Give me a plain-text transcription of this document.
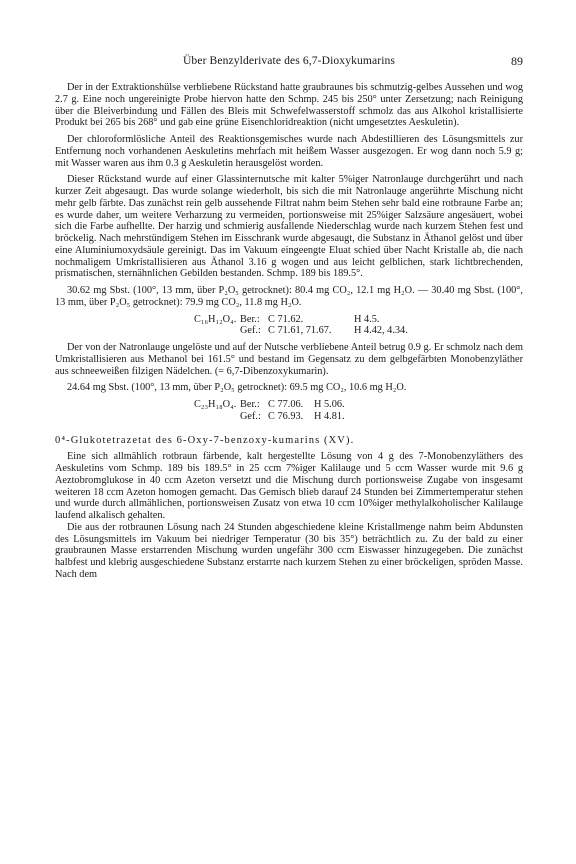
Über Benzylderivate des 6,7-Dioxykumarins	89

Der in der Extraktionshülse verbliebene Rückstand hatte graubraunes bis schmutzig-gelbes Aussehen und wog 2.7 g. Eine noch ungereinigte Probe hiervon hatte den Schmp. 245 bis 250° unter Zersetzung; nach Reinigung über die Bleiverbindung und Fällen des Bleis mit Schwefelwasserstoff schmolz das aus Alkohol kristallisierte Produkt bei 265 bis 268° und gab eine grüne Eisenchloridreaktion (nicht umgesetztes Aeskuletin).

Der chloroformlösliche Anteil des Reaktionsgemisches wurde nach Abdestillieren des Lösungsmittels zur Entfernung noch vorhandenen Aeskuletins mehrfach mit heißem Wasser ausgezogen. Er wog dann noch 5.9 g; mit Wasser waren aus ihm 0.3 g Aeskuletin herausgelöst worden.

Dieser Rückstand wurde auf einer Glassinternutsche mit kalter 5%iger Natronlauge durchgerührt und nach kurzer Zeit abgesaugt. Das wurde solange wiederholt, bis sich die mit Natronlauge angerührte Mischung nicht mehr gelb färbte. Das zunächst rein gelb aussehende Filtrat nahm beim Stehen sehr bald eine rotbraune Farbe an; es wurde daher, um weitere Verharzung zu vermeiden, portionsweise mit 25%iger Salzsäure angesäuert, wobei sich die Farbe aufhellte. Der harzig und schmierig ausfallende Niederschlag wurde nach kurzem Stehen fest und bröckelig. Nach mehrstündigem Stehen im Eisschrank wurde abgesaugt, die Substanz in Äthanol gelöst und über eine Aluminiumoxydsäule gereinigt. Das im Vakuum eingeengte Eluat schied über Nacht Kristalle ab, die nach nochmaligem Umkristallisieren aus Äthanol 3.16 g wogen und aus leicht gelblichen, stark lichtbrechenden, prismatischen, sternähnlichen Gebilden bestanden. Schmp. 189 bis 189.5°.

30.62 mg Sbst. (100°, 13 mm, über P₂O₅ getrocknet): 80.4 mg CO₂, 12.1 mg H₂O. — 30.40 mg Sbst. (100°, 13 mm, über P₂O₅ getrocknet): 79.9 mg CO₂, 11.8 mg H₂O.

C₁₆H₁₂O₄. Ber.: C 71.62.	H 4.5.
Gef.: C 71.61, 71.67.	H 4.42, 4.34.

Der von der Natronlauge ungelöste und auf der Nutsche verbliebene Anteil betrug 0.9 g. Er schmolz nach dem Umkristallisieren aus Methanol bei 161.5° und bestand im Gegensatz zu dem gelbgefärbten Monobenzyläther aus schneeweißen filzigen Nädelchen. (= 6,7-Dibenzoxykumarin).

24.64 mg Sbst. (100°, 13 mm, über P₂O₅ getrocknet): 69.5 mg CO₂, 10.6 mg H₂O.

C₂₃H₁₈O₄. Ber.: C 77.06.	H 5.06.
Gef.: C 76.93.	H 4.81.

0⁴-Glukotetrazetat des 6-Oxy-7-benzoxy-kumarins (XV).

Eine sich allmählich rotbraun färbende, kalt hergestellte Lösung von 4 g des 7-Monobenzyläthers des Aeskuletins vom Schmp. 189 bis 189.5° in 25 ccm 7%iger Kalilauge und 5 ccm Wasser wurde mit 9.6 g Aeztobromglukose in 40 ccm Azeton versetzt und die Mischung durch portionsweise Zugabe von insgesamt weiteren 18 ccm Azeton homogen gemacht. Das Gemisch blieb darauf 24 Stunden bei Zimmertemperatur stehen und wurde durch allmählichen, portionsweisen Zusatz von etwa 10 ccm 10%iger methylalkoholischer Kalilauge laufend alkalisch gehalten.

Die aus der rotbraunen Lösung nach 24 Stunden abgeschiedene kleine Kristallmenge nahm beim Abdunsten des Lösungsmittels im Vakuum bei niedriger Temperatur (30 bis 35°) beträchtlich zu. Zu der bald zu einer graubraunen Masse erstarrenden Mischung wurden ungefähr 300 ccm Eiswasser hinzugegeben. Die zunächst halbfest und klebrig ausgeschiedene Substanz erstarrte nach kurzem Stehen zu einer bröckeligen, spröden Masse. Nach dem
